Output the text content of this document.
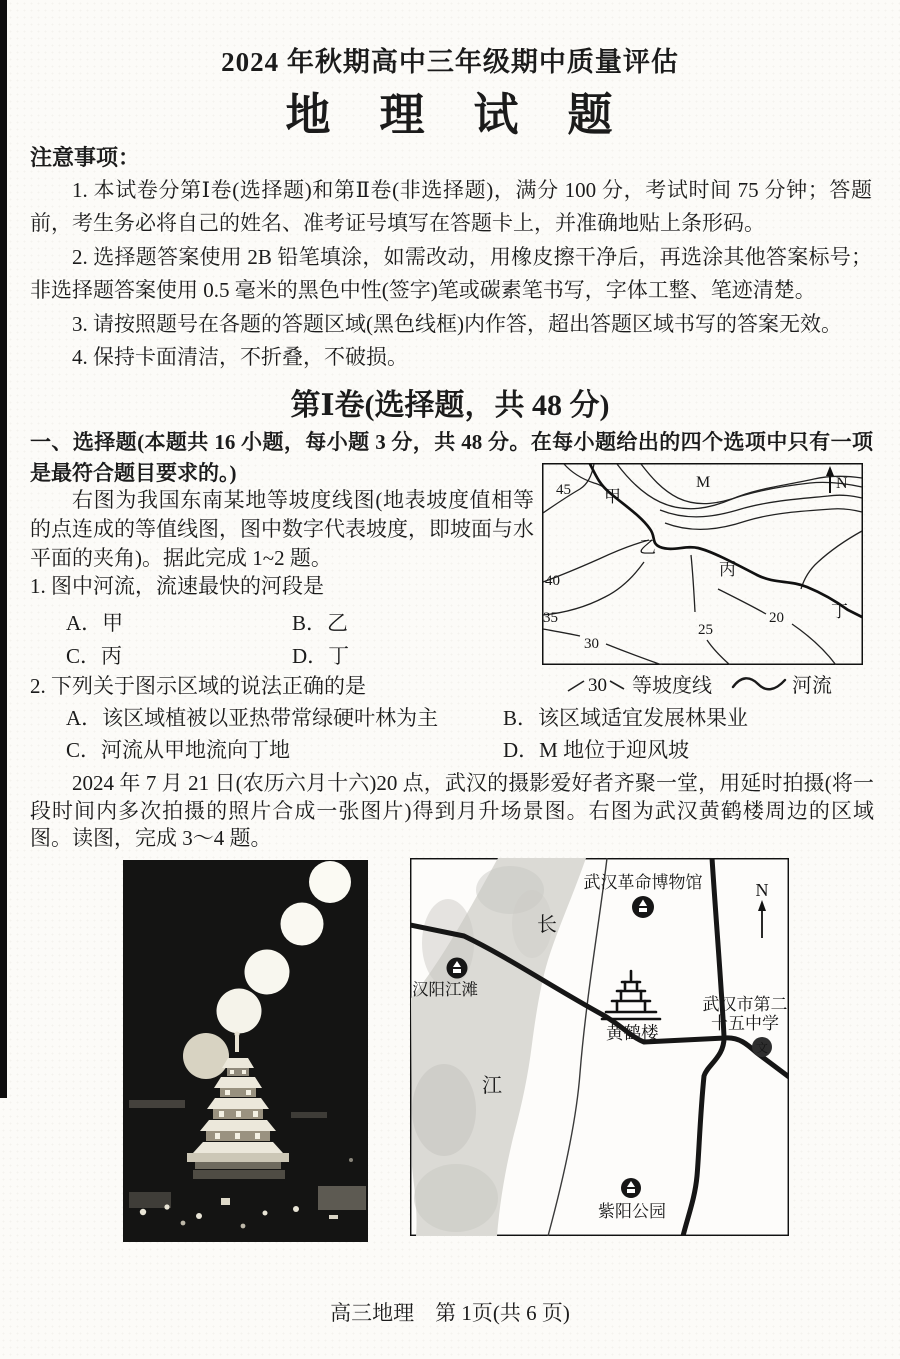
2024 年秋期高中三年级期中质量评估
地　理　试　题
注意事项：

1. 本试卷分第Ⅰ卷(选择题)和第Ⅱ卷(非选择题)，满分 100 分，考试时间 75 分钟；答题前，考生务必将自己的姓名、准考证号填写在答题卡上，并准确地贴上条形码。

2. 选择题答案使用 2B 铅笔填涂，如需改动，用橡皮擦干净后，再选涂其他答案标号；非选择题答案使用 0.5 毫米的黑色中性(签字)笔或碳素笔书写，字体工整、笔迹清楚。

3. 请按照题号在各题的答题区域(黑色线框)内作答，超出答题区域书写的答案无效。

4. 保持卡面清洁，不折叠，不破损。

第Ⅰ卷(选择题，共 48 分)

一、选择题(本题共 16 小题，每小题 3 分，共 48 分。在每小题给出的四个选项中只有一项是最符合题目要求的。)

右图为我国东南某地等坡度线图(地表坡度值相等的点连成的等值线图，图中数字代表坡度，即坡面与水平面的夹角)。据此完成 1~2 题。

1. 图中河流，流速最快的河段是

A．甲	B．乙
C．丙	D．丁
N
45
40
35
30
25
20
甲
乙
丙
丁
M
30 等坡度线	河流

2. 下列关于图示区域的说法正确的是

A．该区域植被以亚热带常绿硬叶林为主	B．该区域适宜发展林果业
C．河流从甲地流向丁地	D．M 地位于迎风坡

2024 年 7 月 21 日(农历六月十六)20 点，武汉的摄影爱好者齐聚一堂，用延时拍摄(将一段时间内多次拍摄的照片合成一张图片)得到月升场景图。右图为武汉黄鹤楼周边的区域图。读图，完成 3～4 题。

长
江
武汉革命博物馆	N
汉阳江滩
黄鹤楼
武汉市第二
十五中学
文
紫阳公园
高三地理　第 1页(共 6 页)
